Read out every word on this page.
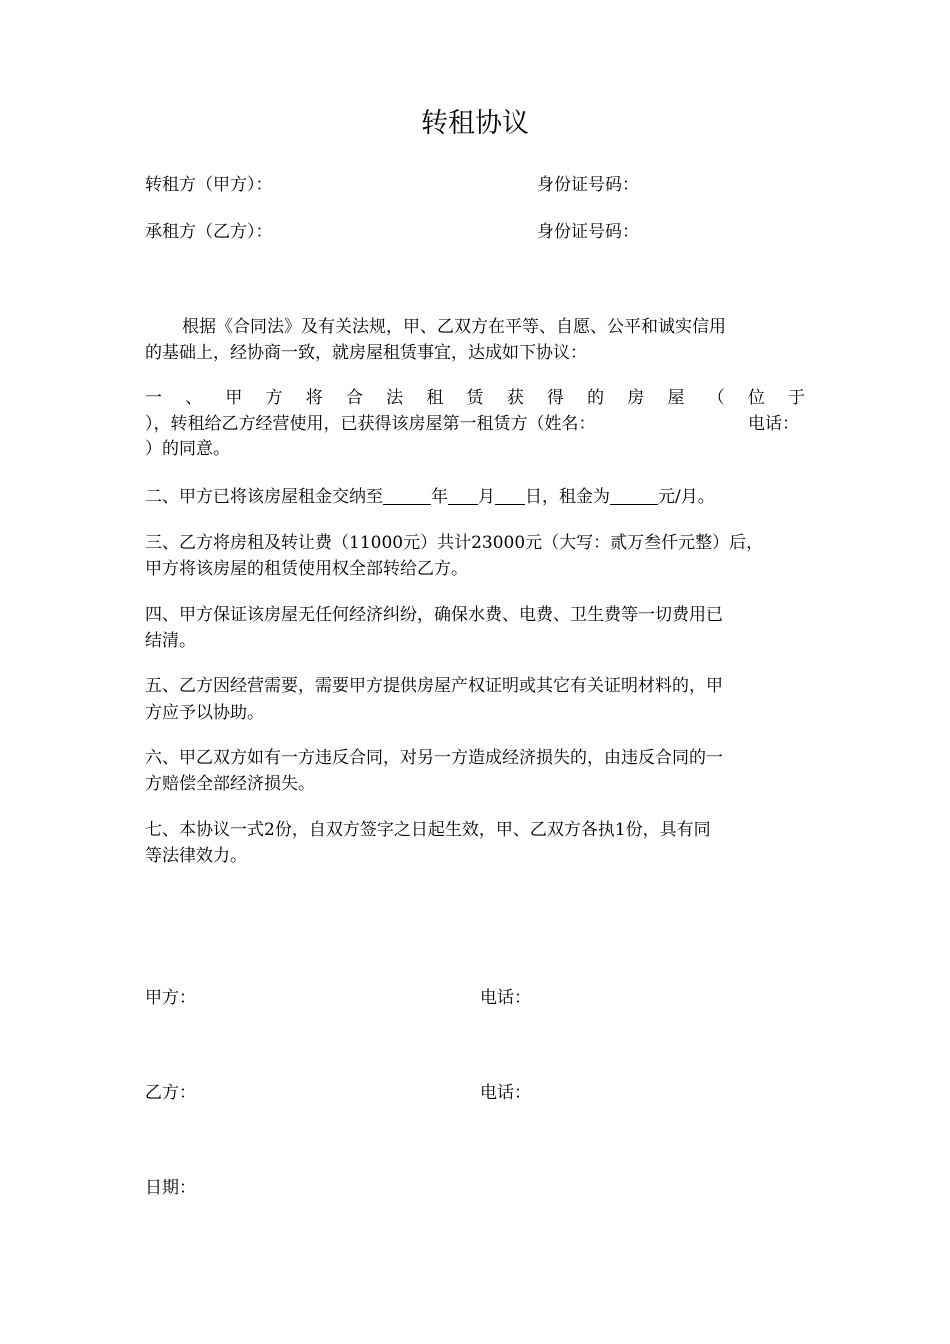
转租协议
转租方（甲方）：	身份证号码：
承租方（乙方）：	身份证号码：
根据《合同法》及有关法规，甲、乙双方在平等、自愿、公平和诚实信用
的基础上，经协商一致，就房屋租赁事宜，达成如下协议：
一 、 甲 方 将 合 法 租 赁 获 得 的 房 屋 （ 位 于
），转租给乙方经营使用，已获得该房屋第一租赁方（姓名：	电话：
）的同意。
二、甲方已将该房屋租金交纳至	年 月 日，租金为	元/月。
三、乙方将房租及转让费（11000元）共计23000元（大写：贰万叁仟元整）后，
甲方将该房屋的租赁使用权全部转给乙方。
四、甲方保证该房屋无任何经济纠纷，确保水费、电费、卫生费等一切费用已
结清。
五、乙方因经营需要，需要甲方提供房屋产权证明或其它有关证明材料的，甲
方应予以协助。
六、甲乙双方如有一方违反合同，对另一方造成经济损失的，由违反合同的一
方赔偿全部经济损失。
七、本协议一式2份，自双方签字之日起生效，甲、乙双方各执1份，具有同
等法律效力。
甲方：	电话：
乙方：	电话：
日期：
